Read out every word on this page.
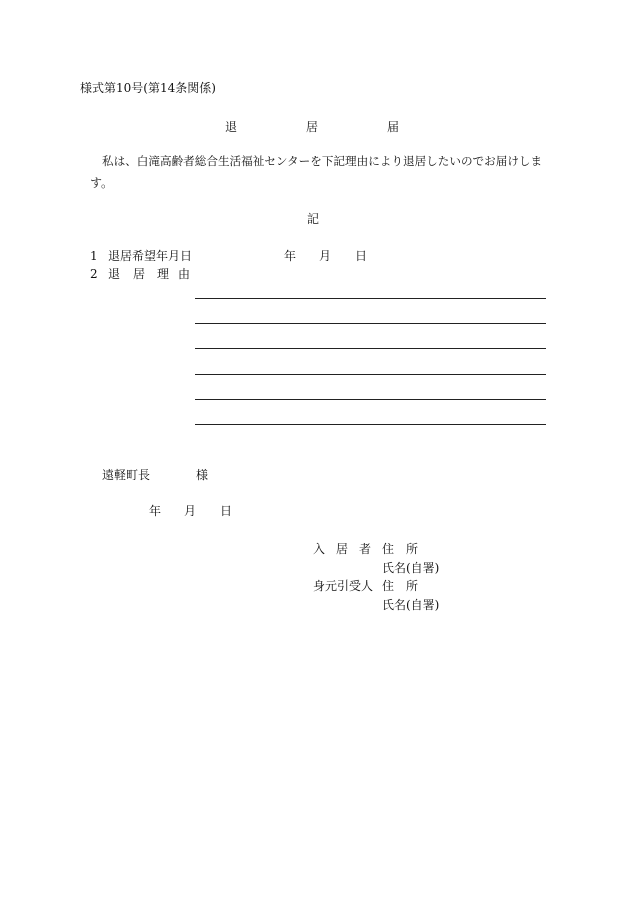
様式第10号(第14条関係)
退	居	届
私は、白滝高齢者総合生活福祉センターを下記理由により退居したいのでお届けしま
す。
記
1 退居希望年月日	年 月 日
2 退 居 理 由
遠軽町長	様
年 月 日
入 居 者 住 所
氏名(自署)
身元引受人 住 所
氏名(自署)
